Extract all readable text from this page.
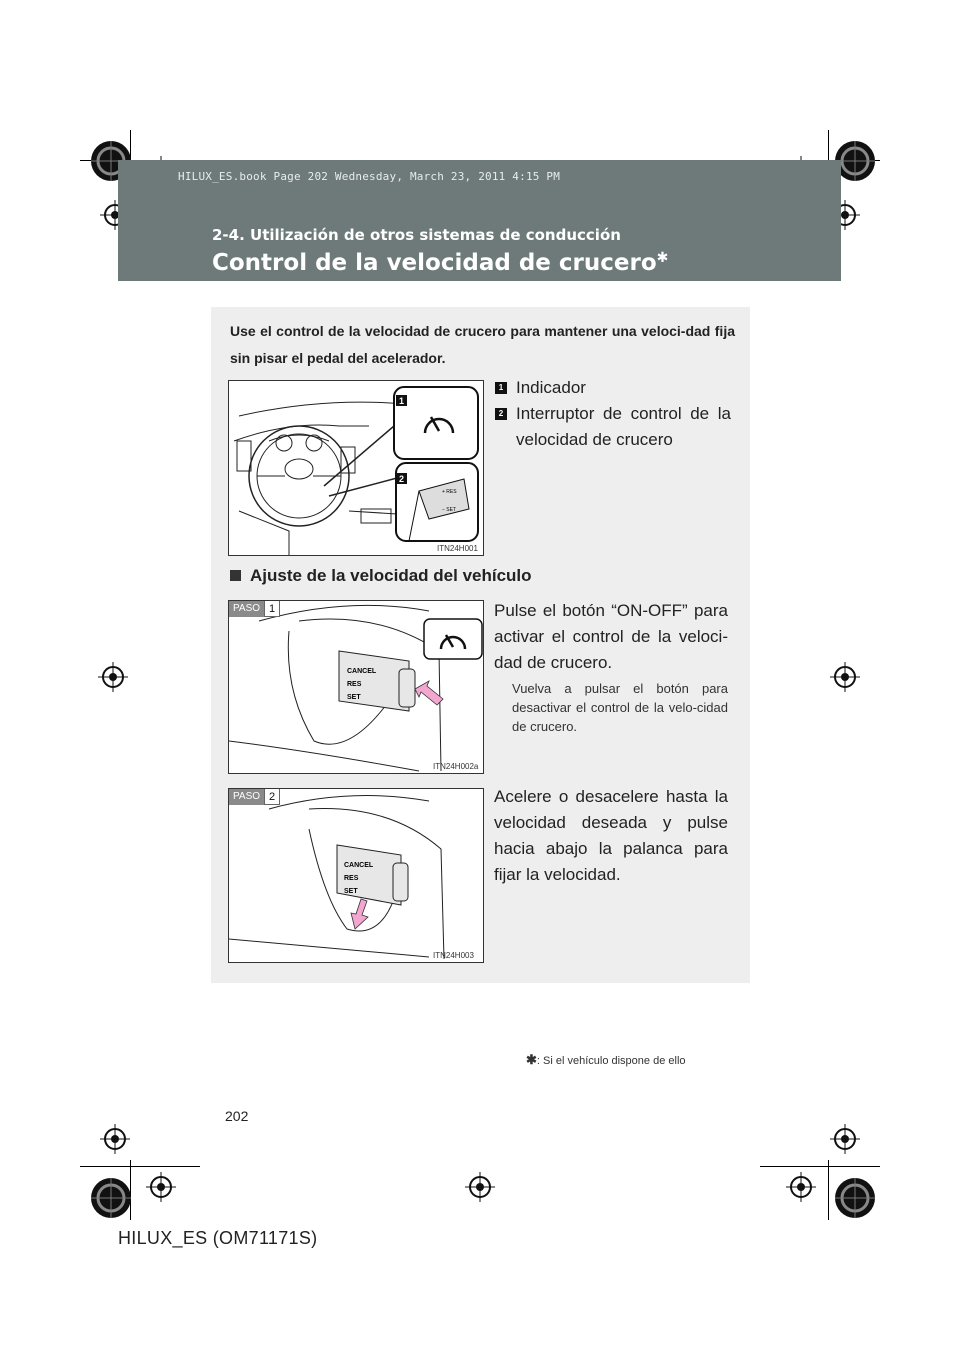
HILUX_ES.book Page 202 Wednesday, March 23, 2011 4:15 PM
2-4. Utilización de otros sistemas de conducción
Control de la velocidad de crucero✱
Use el control de la velocidad de crucero para mantener una veloci-dad fija sin pisar el pedal del acelerador.
+ RES
− SET
1
2
ITN24H001
1 Indicador
2 Interruptor de control de la velocidad de crucero
Ajuste de la velocidad del vehículo
PASO 1
CANCEL
RES
SET
ITN24H002a
Pulse el botón “ON-OFF” para activar el control de la veloci-dad de crucero.
Vuelva a pulsar el botón para desactivar el control de la velo-cidad de crucero.
PASO 2
CANCEL
RES
SET
ITN24H003
Acelere o desacelere hasta la velocidad deseada y pulse hacia abajo la palanca para fijar la velocidad.
✱: Si el vehículo dispone de ello
202
HILUX_ES (OM71171S)
